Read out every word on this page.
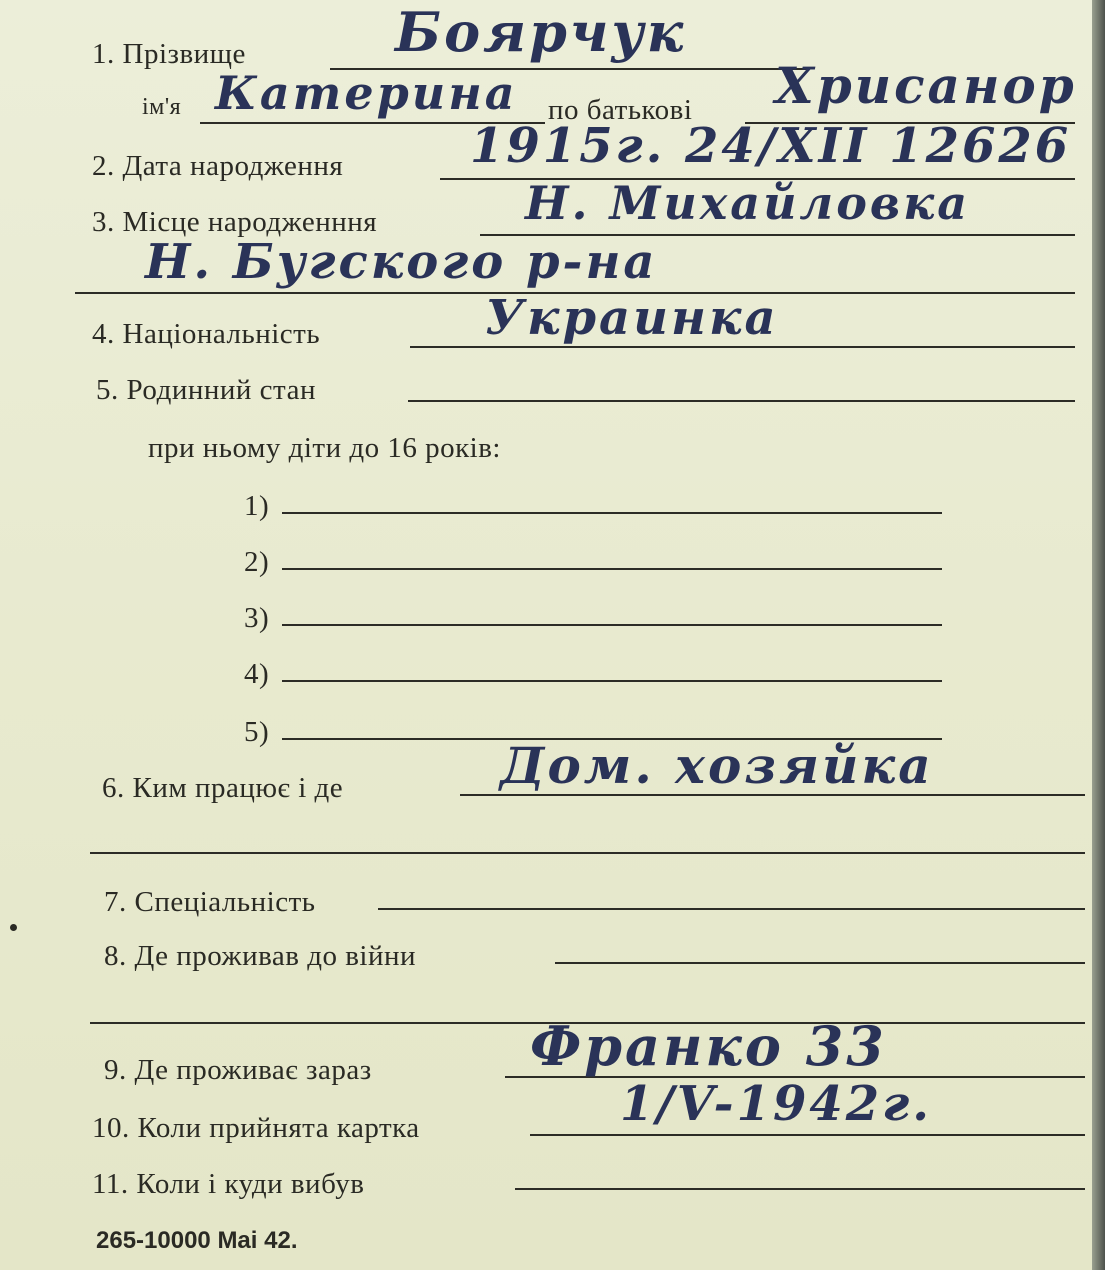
1. Прізвище	Боярчук
ім'я Катерина по батькові Хрисанор
2. Дата народження	1915г. 24/XII 12626
3. Місце народженння	Н. Михайловка
Н. Бугского р-на
4. Національність	Украинка
5. Родинний стан
при ньому діти до 16 років:
1)
2)
3)
4)
5)
6. Ким працює і де	Дом. хозяйка
7. Спеціальність
8. Де проживав до війни
9. Де проживає зараз	Франко 33
10. Коли прийнята картка	1/V-1942г.
11. Коли і куди вибув
265-10000 Mai 42.
